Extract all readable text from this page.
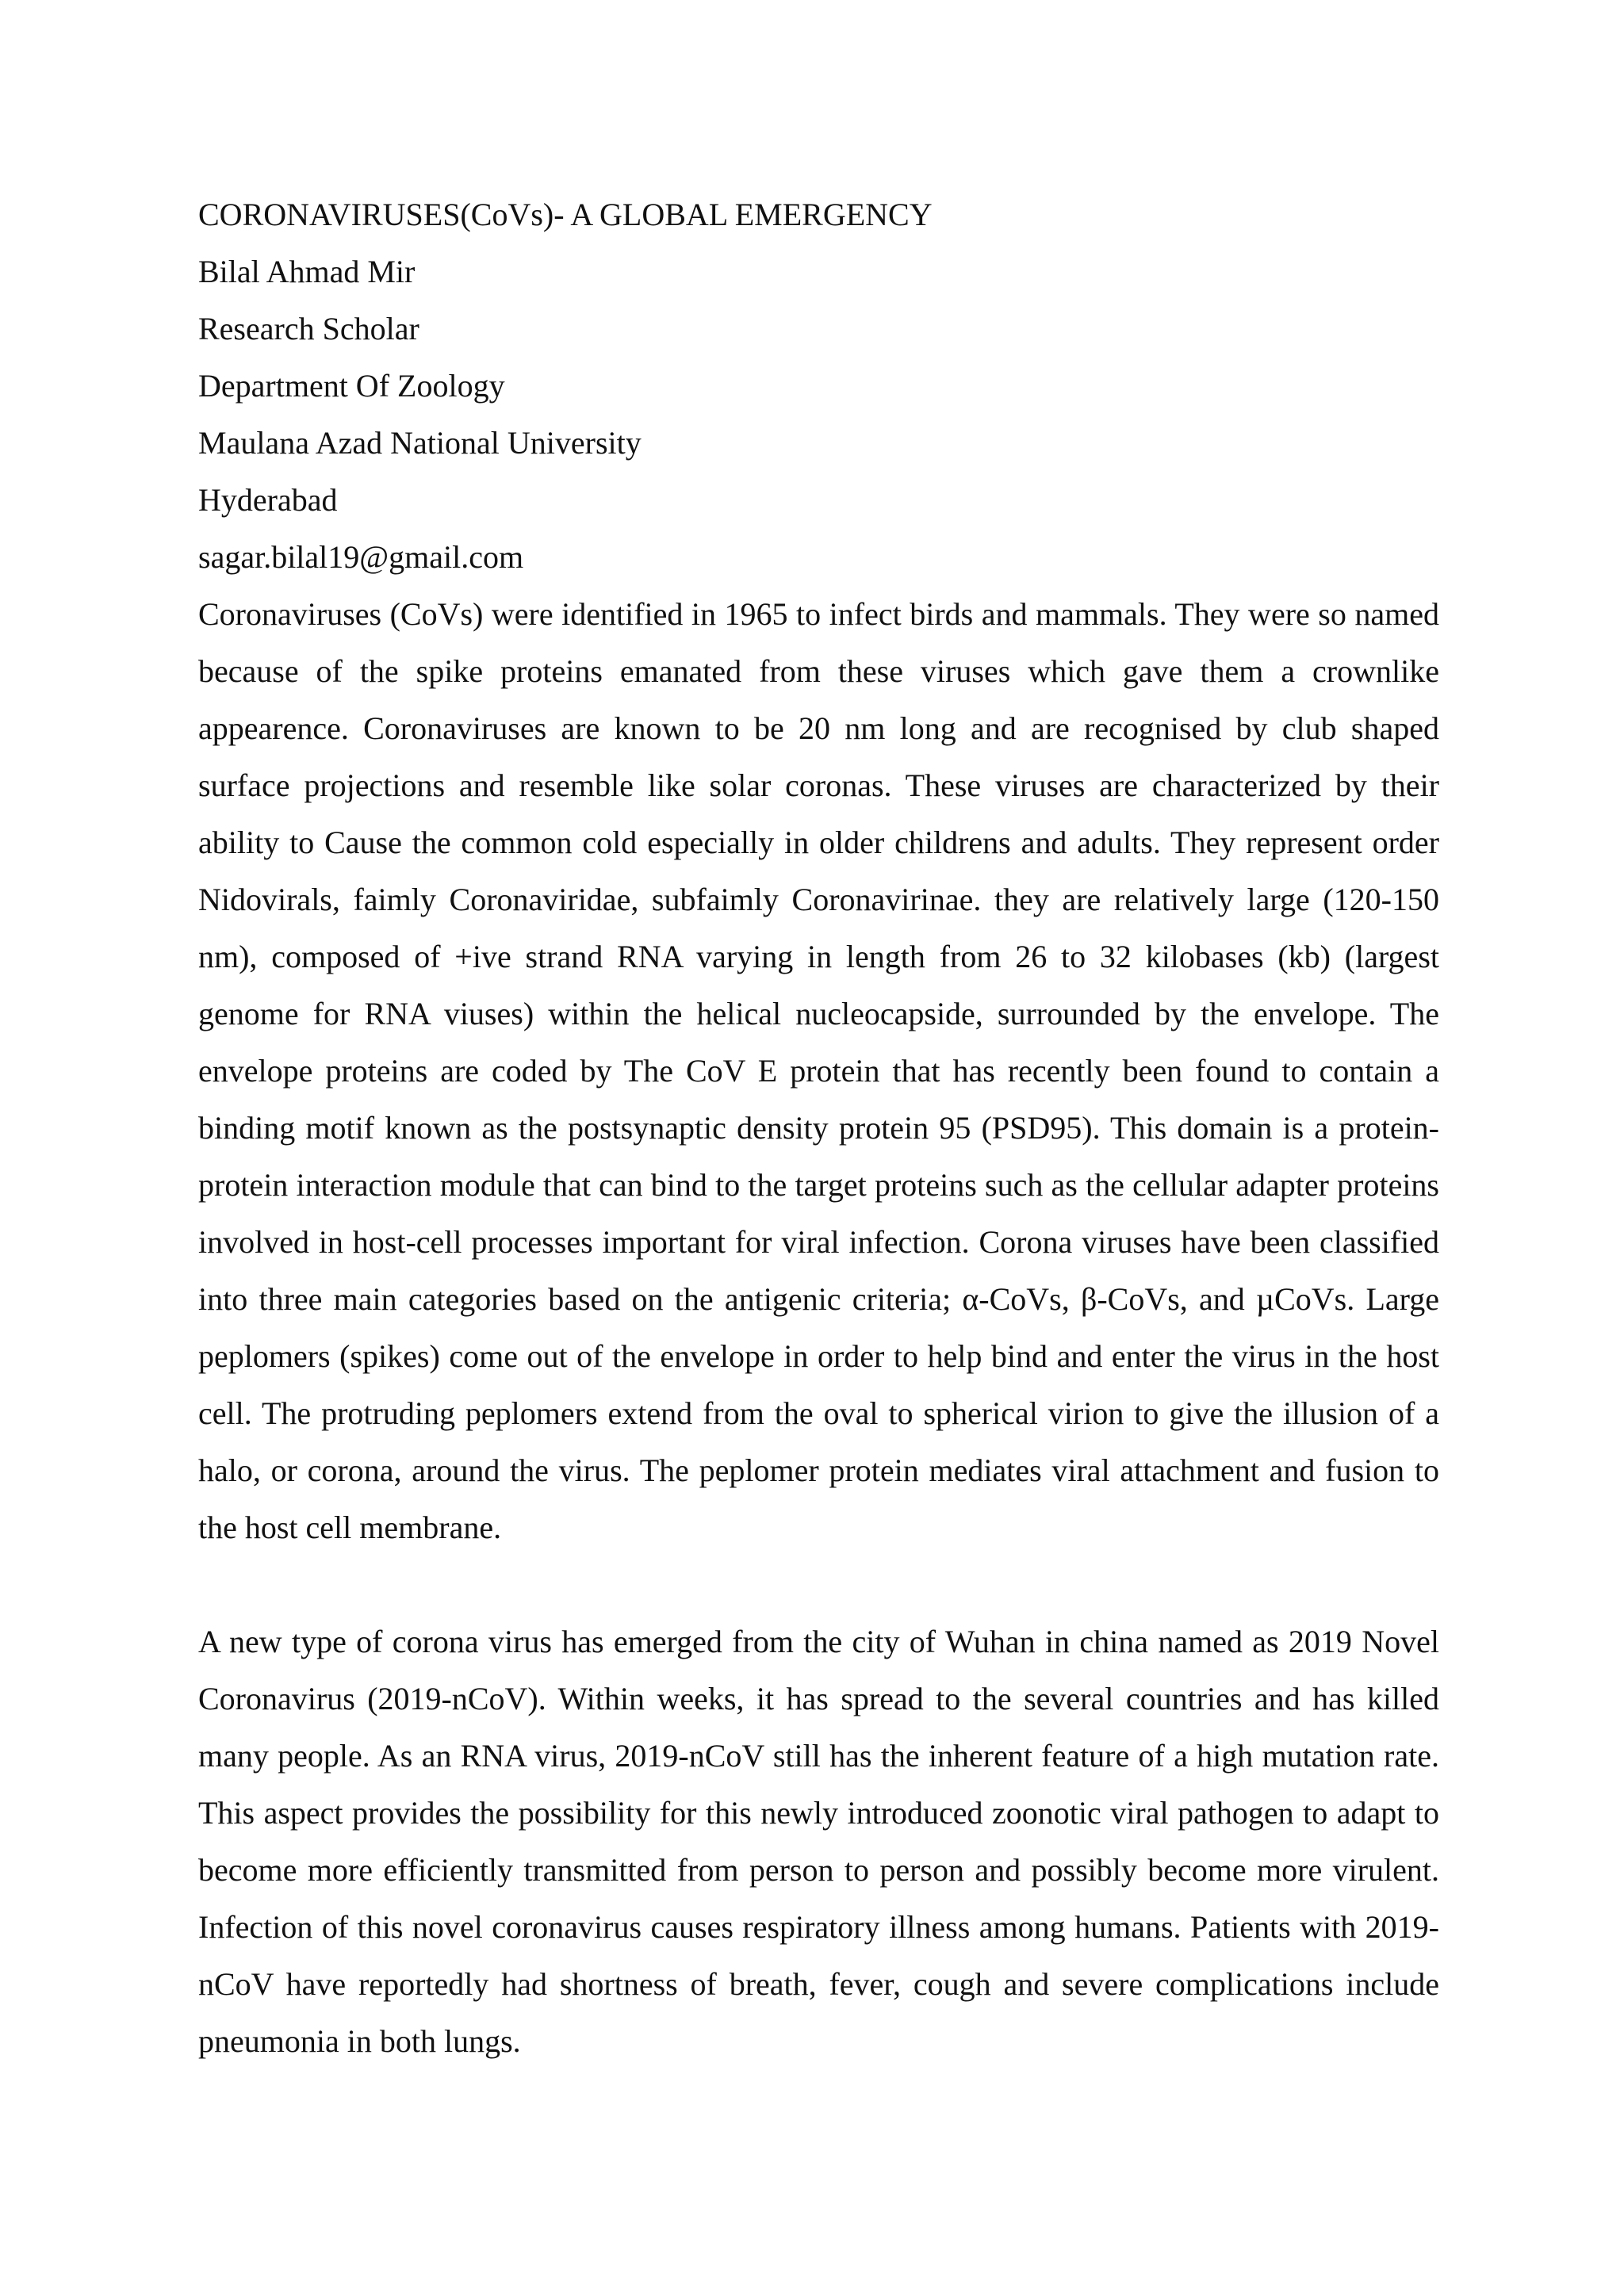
CORONAVIRUSES(CoVs)- A GLOBAL EMERGENCY
Bilal Ahmad Mir
Research Scholar
Department Of Zoology
Maulana Azad National University
Hyderabad
sagar.bilal19@gmail.com

Coronaviruses (CoVs) were identified in 1965 to infect birds and mammals. They were so named because of the spike proteins emanated from these viruses which gave them a crownlike appearence. Coronaviruses are known to be 20 nm long and are recognised by club shaped surface projections and resemble like solar coronas. These viruses are characterized by their ability to Cause the common cold especially in older childrens and adults. They represent order Nidovirals, faimly Coronaviridae, subfaimly Coronavirinae. they are relatively large (120-150 nm), composed of +ive strand RNA varying in length from 26 to 32 kilobases (kb) (largest genome for RNA viuses) within the helical nucleocapside, surrounded by the envelope. The envelope proteins are coded by The CoV E protein that has recently been found to contain a binding motif known as the postsynaptic density protein 95 (PSD95). This domain is a protein-protein interaction module that can bind to the target proteins such as the cellular adapter proteins involved in host-cell processes important for viral infection. Corona viruses have been classified into three main categories based on the antigenic criteria; α-CoVs, β-CoVs, and µCoVs. Large peplomers (spikes) come out of the envelope in order to help bind and enter the virus in the host cell. The protruding peplomers extend from the oval to spherical virion to give the illusion of a halo, or corona, around the virus. The peplomer protein mediates viral attachment and fusion to the host cell membrane.

A new type of corona virus has emerged from the city of Wuhan in china named as 2019 Novel Coronavirus (2019-nCoV). Within weeks, it has spread to the several countries and has killed many people. As an RNA virus, 2019-nCoV still has the inherent feature of a high mutation rate. This aspect provides the possibility for this newly introduced zoonotic viral pathogen to adapt to become more efficiently transmitted from person to person and possibly become more virulent. Infection of this novel coronavirus causes respiratory illness among humans. Patients with 2019-nCoV have reportedly had shortness of breath, fever, cough and severe complications include pneumonia in both lungs.
